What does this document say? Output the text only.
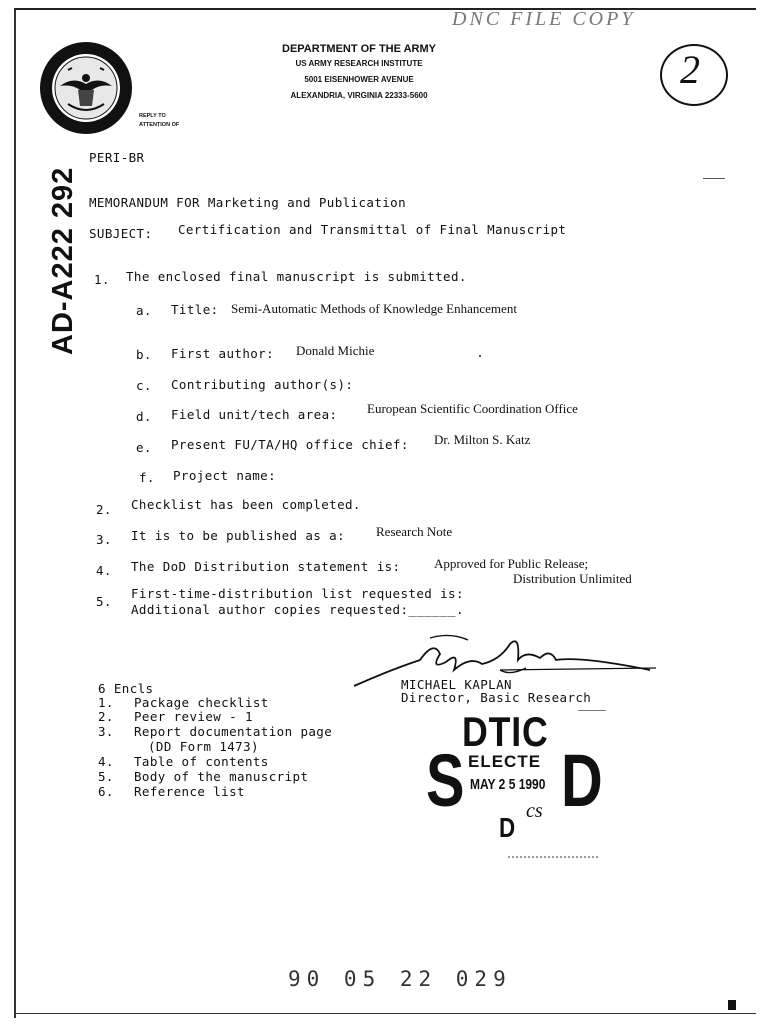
DNC FILE COPY
2
DEPARTMENT OF THE ARMY
US ARMY RESEARCH INSTITUTE
5001 EISENHOWER AVENUE
ALEXANDRIA, VIRGINIA 22333-5600
REPLY TO
ATTENTION OF
AD-A222 292
PERI-BR
MEMORANDUM FOR Marketing and Publication
SUBJECT: Certification and Transmittal of Final Manuscript
1. The enclosed final manuscript is submitted.
a. Title: Semi-Automatic Methods of Knowledge Enhancement
b. First author: Donald Michie
c. Contributing author(s):
d. Field unit/tech area: European Scientific Coordination Office
e. Present FU/TA/HQ office chief: Dr. Milton S. Katz
f. Project name:
2. Checklist has been completed.
3. It is to be published as a: Research Note
4. The DoD Distribution statement is:	Approved for Public Release;
Distribution Unlimited
5.
First-time-distribution list requested is:
Additional author copies requested:______.
MICHAEL KAPLAN
Director, Basic Research
6 Encls
1. Package checklist
2. Peer review - 1
3. Report documentation page
(DD Form 1473)
4. Table of contents
5. Body of the manuscript
6. Reference list
DTIC
S ELECTE
MAY 2 5 1990 D
D
cs
90 05 22 029
